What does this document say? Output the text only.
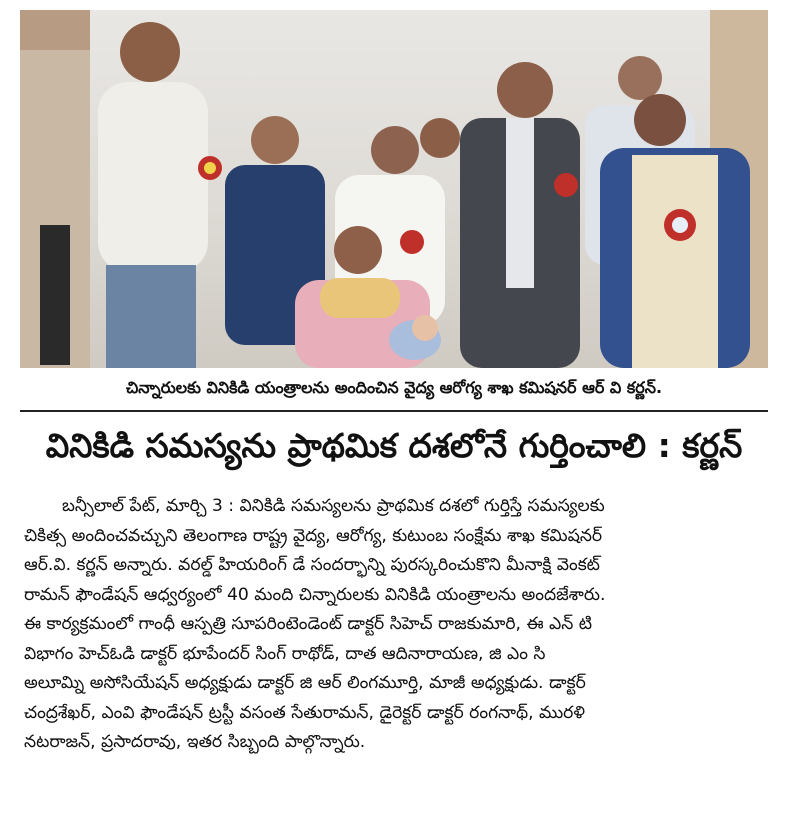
చిన్నారులకు వినికిడి యంత్రాలను అందించిన వైద్య ఆరోగ్య శాఖ కమిషనర్ ఆర్ వి కర్ణన్.
వినికిడి సమస్యను ప్రాథమిక దశలోనే గుర్తించాలి : కర్ణన్
బన్సీలాల్ పేట్, మార్చి 3 : వినికిడి సమస్యలను ప్రాథమిక దశలో గుర్తిస్తే సమస్యలకు
చికిత్స అందించవచ్చుని తెలంగాణ రాష్ట్ర వైద్య, ఆరోగ్య, కుటుంబ సంక్షేమ శాఖ కమిషనర్
ఆర్.వి. కర్ణన్ అన్నారు. వరల్డ్ హియరింగ్ డే సందర్భాన్ని పురస్కరించుకొని మీనాక్షి వెంకట్
రామన్ ఫౌండేషన్ ఆధ్వర్యంలో 40 మంది చిన్నారులకు వినికిడి యంత్రాలను అందజేశారు.
ఈ కార్యక్రమంలో గాంధీ ఆస్పత్రి సూపరింటెండెంట్ డాక్టర్ సిహెచ్ రాజకుమారి, ఈ ఎన్ టి
విభాగం హెచ్ఓడి డాక్టర్ భూపేందర్ సింగ్ రాథోడ్, దాత ఆదినారాయణ, జి ఎం సి
అలూమ్ని అసోసియేషన్ అధ్యక్షుడు డాక్టర్ జి ఆర్ లింగమూర్తి, మాజీ అధ్యక్షుడు. డాక్టర్
చంద్రశేఖర్, ఎంవి ఫౌండేషన్ ట్రస్టీ వసంత సేతురామన్, డైరెక్టర్ డాక్టర్ రంగనాథ్, మురళి
నటరాజన్, ప్రసాదరావు, ఇతర సిబ్బంది పాల్గొన్నారు.
